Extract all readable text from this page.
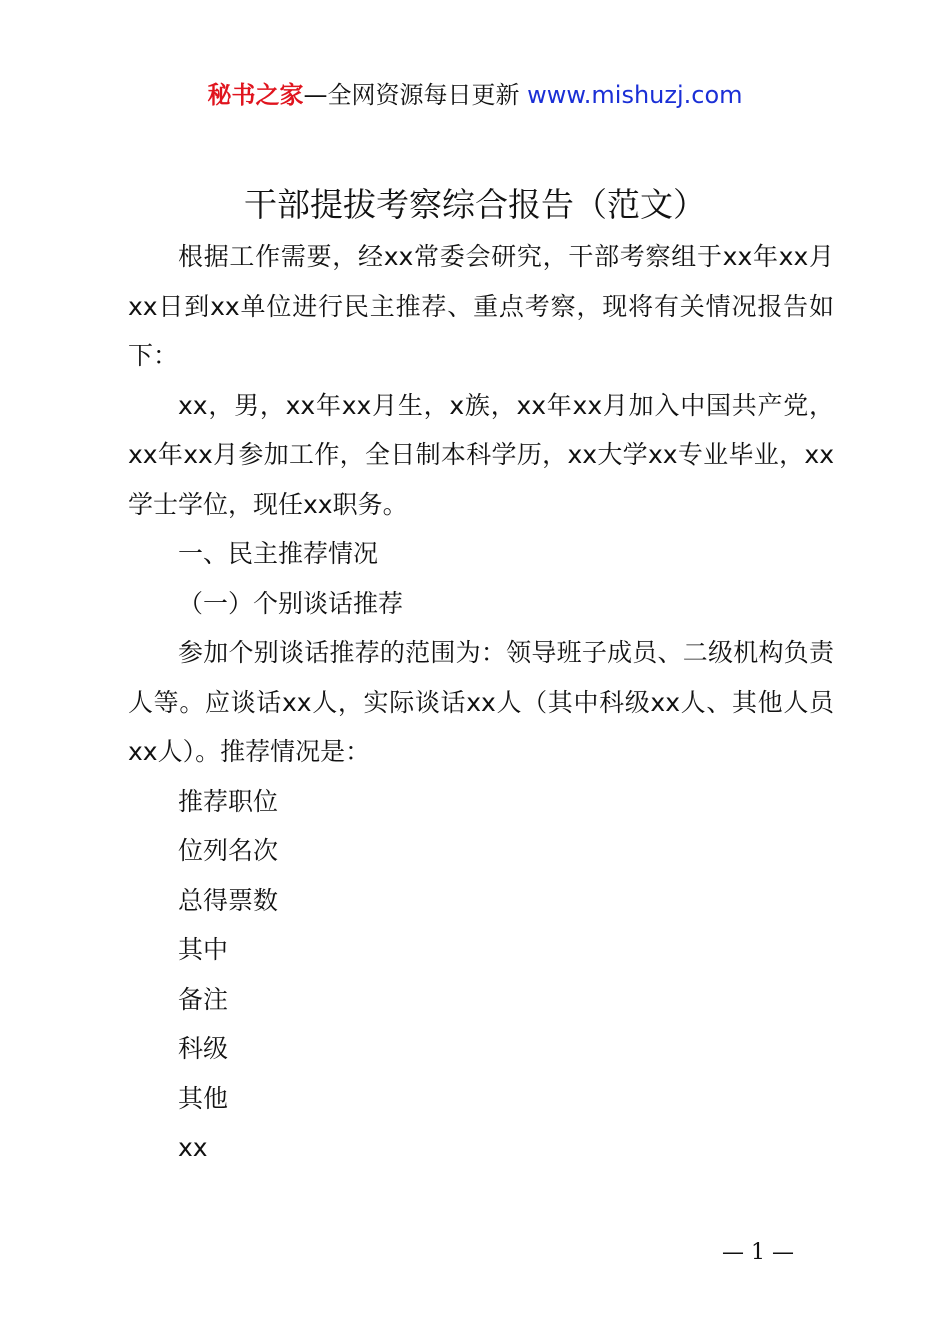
秘书之家—全网资源每日更新 www.mishuzj.com
干部提拔考察综合报告（范文）

根据工作需要，经xx常委会研究，干部考察组于xx年xx月xx日到xx单位进行民主推荐、重点考察，现将有关情况报告如下：

xx，男，xx年xx月生，x族，xx年xx月加入中国共产党，xx年xx月参加工作，全日制本科学历，xx大学xx专业毕业，xx学士学位，现任xx职务。

一、民主推荐情况

（一）个别谈话推荐

参加个别谈话推荐的范围为：领导班子成员、二级机构负责人等。应谈话xx人，实际谈话xx人（其中科级xx人、其他人员xx人）。推荐情况是：

推荐职位

位列名次

总得票数

其中

备注

科级

其他

xx

— 1 —
